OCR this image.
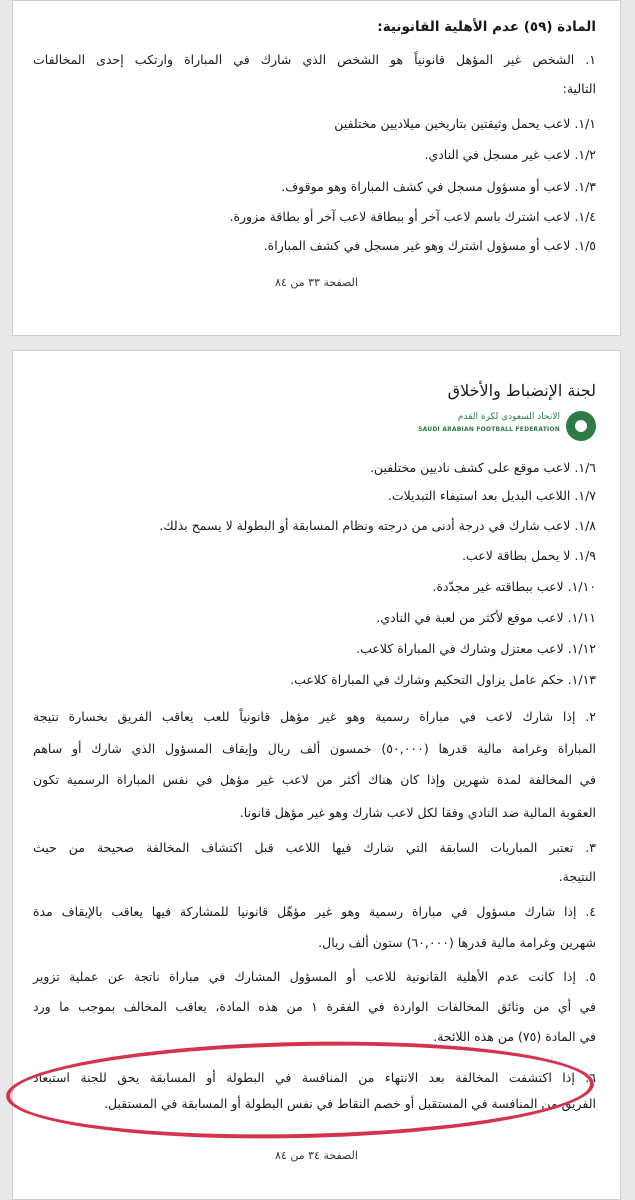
المادة (٥٩) عدم الأهلية القانونية:
١. الشخص غير المؤهل قانونياً هو الشخص الذي شارك في المباراة وارتكب إحدى المخالفات
التالية:
١/١. لاعب يحمل وثيقتين بتاريخين ميلاديين مختلفين
١/٢. لاعب غير مسجل في النادي.
١/٣. لاعب أو مسؤول مسجل في كشف المباراة وهو موقوف.
١/٤. لاعب اشترك باسم لاعب آخر أو ببطاقة لاعب آخر أو بطاقة مزورة.
١/٥. لاعب أو مسؤول اشترك وهو غير مسجل في كشف المباراة.
الصفحة ٣٣ من ٨٤
لجنة الإنضباط والأخلاق
الاتحاد السعودي لكرة القدم
SAUDI ARABIAN FOOTBALL FEDERATION
١/٦. لاعب موقع على كشف ناديين مختلفين.
١/٧. اللاعب البديل بعد استيفاء التبديلات.
١/٨. لاعب شارك في درجة أدنى من درجته ونظام المسابقة أو البطولة لا يسمح بذلك.
١/٩. لا يحمل بطاقة لاعب.
١/١٠. لاعب ببطاقته غير مجدّدة.
١/١١. لاعب موقع لأكثر من لعبة في النادي.
١/١٢. لاعب معتزل وشارك في المباراة كلاعب.
١/١٣. حكم عامل يزاول التحكيم وشارك في المباراة كلاعب.
٢. إذا شارك لاعب في مباراة رسمية وهو غير مؤهل قانونياً للعب يعاقب الفريق بخسارة نتيجة
المباراة وغرامة مالية قدرها (٥٠,٠٠٠) خمسون ألف ريال وإيقاف المسؤول الذي شارك أو ساهم
في المخالفة لمدة شهرين وإذا كان هناك أكثر من لاعب غير مؤهل في نفس المباراة الرسمية تكون
العقوبة المالية ضد النادي وفقا لكل لاعب شارك وهو غير مؤهل قانونا.
٣. تعتبر المباريات السابقة التي شارك فيها اللاعب قبل اكتشاف المخالفة صحيحة من حيث
النتيجة.
٤. إذا شارك مسؤول في مباراة رسمية وهو غير مؤهّل قانونيا للمشاركة فيها يعاقب بالإيقاف مدة
شهرين وغرامة مالية قدرها (٦٠,٠٠٠) ستون ألف ريال.
٥. إذا كانت عدم الأهلية القانونية للاعب أو المسؤول المشارك في مباراة ناتجة عن عملية تزوير
في أي من وثائق المخالفات الواردة في الفقرة ١ من هذه المادة، يعاقب المخالف بموجب ما ورد
في المادة (٧٥) من هذه اللائحة.
٦. إذا اكتشفت المخالفة بعد الانتهاء من المنافسة في البطولة أو المسابقة يحق للجنة استبعاد
الفريق من المنافسة في المستقبل أو خصم النقاط في نفس البطولة أو المسابقة في المستقبل.
الصفحة ٣٤ من ٨٤
